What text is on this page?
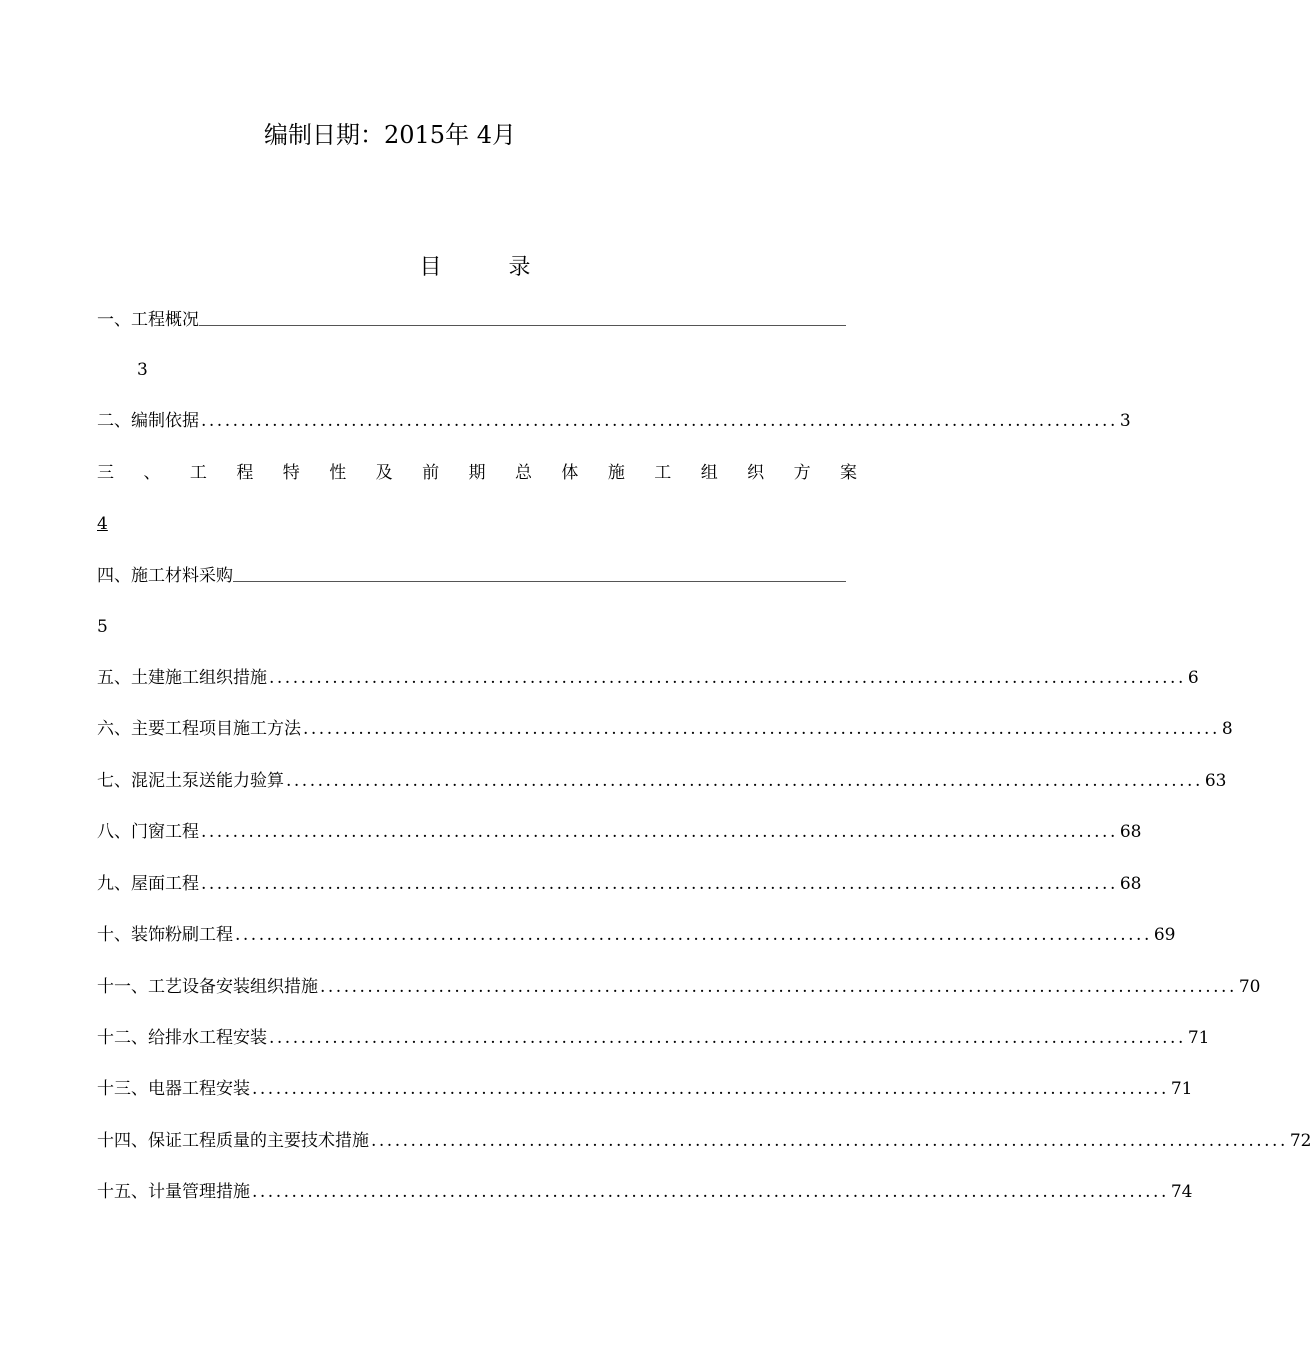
编制日期：2015年 4月
目 录
一、工程概况
3
二、编制依据 .................................................................................................................... 3
三 、 工 程 特 性 及 前 期 总 体 施 工 组 织 方 案
4
四、施工材料采购
5
五、土建施工组织措施 .................................................................................................................... 6
六、主要工程项目施工方法 .................................................................................................................... 8
七、混泥土泵送能力验算 .................................................................................................................... 63
八、门窗工程 .................................................................................................................... 68
九、屋面工程 .................................................................................................................... 68
十、装饰粉刷工程 .................................................................................................................... 69
十一、工艺设备安装组织措施 .................................................................................................................... 70
十二、给排水工程安装 .................................................................................................................... 71
十三、电器工程安装 .................................................................................................................... 71
十四、保证工程质量的主要技术措施 .................................................................................................................... 72
十五、计量管理措施 .................................................................................................................... 74
